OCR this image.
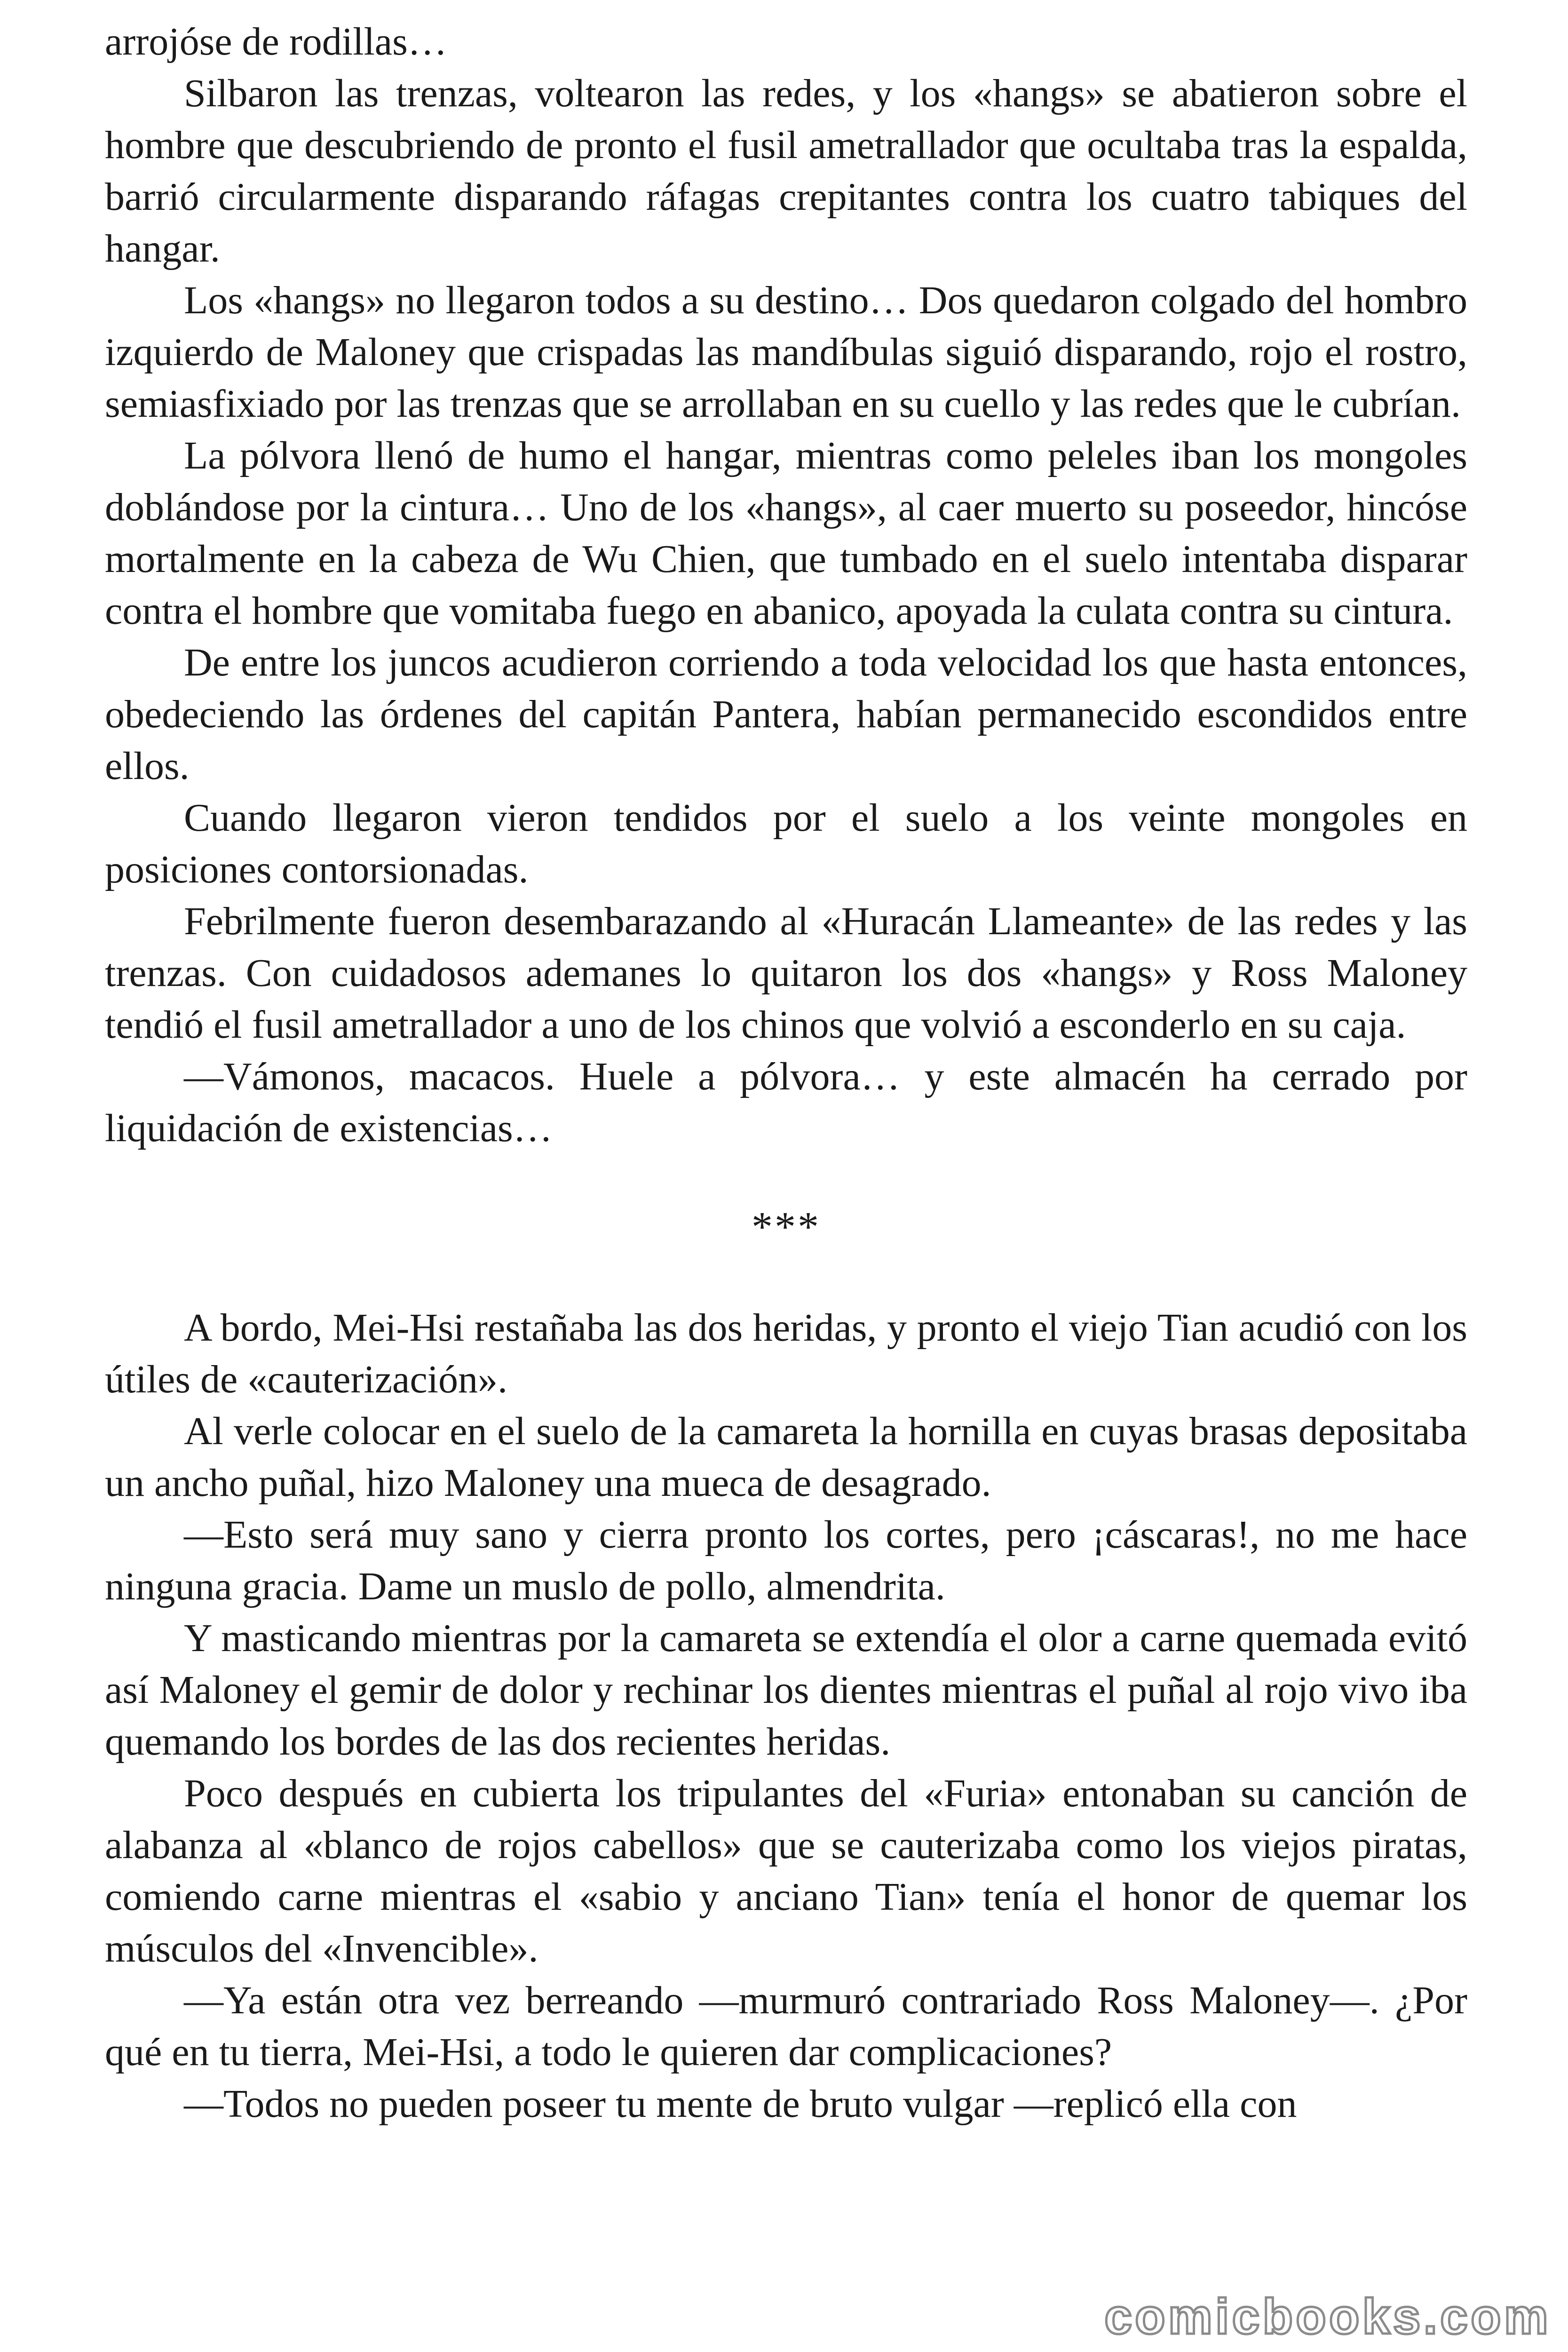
arrojóse de rodillas…

Silbaron las trenzas, voltearon las redes, y los «hangs» se abatieron sobre el hombre que descubriendo de pronto el fusil ametrallador que ocultaba tras la espalda, barrió circularmente disparando ráfagas crepitantes contra los cuatro tabiques del hangar.

Los «hangs» no llegaron todos a su destino… Dos quedaron colgado del hombro izquierdo de Maloney que crispadas las mandíbulas siguió disparando, rojo el rostro, semiasfixiado por las trenzas que se arrollaban en su cuello y las redes que le cubrían.

La pólvora llenó de humo el hangar, mientras como peleles iban los mongoles doblándose por la cintura… Uno de los «hangs», al caer muerto su poseedor, hincóse mortalmente en la cabeza de Wu Chien, que tumbado en el suelo intentaba disparar contra el hombre que vomitaba fuego en abanico, apoyada la culata contra su cintura.

De entre los juncos acudieron corriendo a toda velocidad los que hasta entonces, obedeciendo las órdenes del capitán Pantera, habían permanecido escondidos entre ellos.

Cuando llegaron vieron tendidos por el suelo a los veinte mongoles en posiciones contorsionadas.

Febrilmente fueron desembarazando al «Huracán Llameante» de las redes y las trenzas. Con cuidadosos ademanes lo quitaron los dos «hangs» y Ross Maloney tendió el fusil ametrallador a uno de los chinos que volvió a esconderlo en su caja.

—Vámonos, macacos. Huele a pólvora… y este almacén ha cerrado por liquidación de existencias…

***

A bordo, Mei-Hsi restañaba las dos heridas, y pronto el viejo Tian acudió con los útiles de «cauterización».

Al verle colocar en el suelo de la camareta la hornilla en cuyas brasas depositaba un ancho puñal, hizo Maloney una mueca de desagrado.

—Esto será muy sano y cierra pronto los cortes, pero ¡cáscaras!, no me hace ninguna gracia. Dame un muslo de pollo, almendrita.

Y masticando mientras por la camareta se extendía el olor a carne quemada evitó así Maloney el gemir de dolor y rechinar los dientes mientras el puñal al rojo vivo iba quemando los bordes de las dos recientes heridas.

Poco después en cubierta los tripulantes del «Furia» entonaban su canción de alabanza al «blanco de rojos cabellos» que se cauterizaba como los viejos piratas, comiendo carne mientras el «sabio y anciano Tian» tenía el honor de quemar los músculos del «Invencible».

—Ya están otra vez berreando —murmuró contrariado Ross Maloney—. ¿Por qué en tu tierra, Mei-Hsi, a todo le quieren dar complicaciones?

—Todos no pueden poseer tu mente de bruto vulgar —replicó ella con

comicbooks.com
